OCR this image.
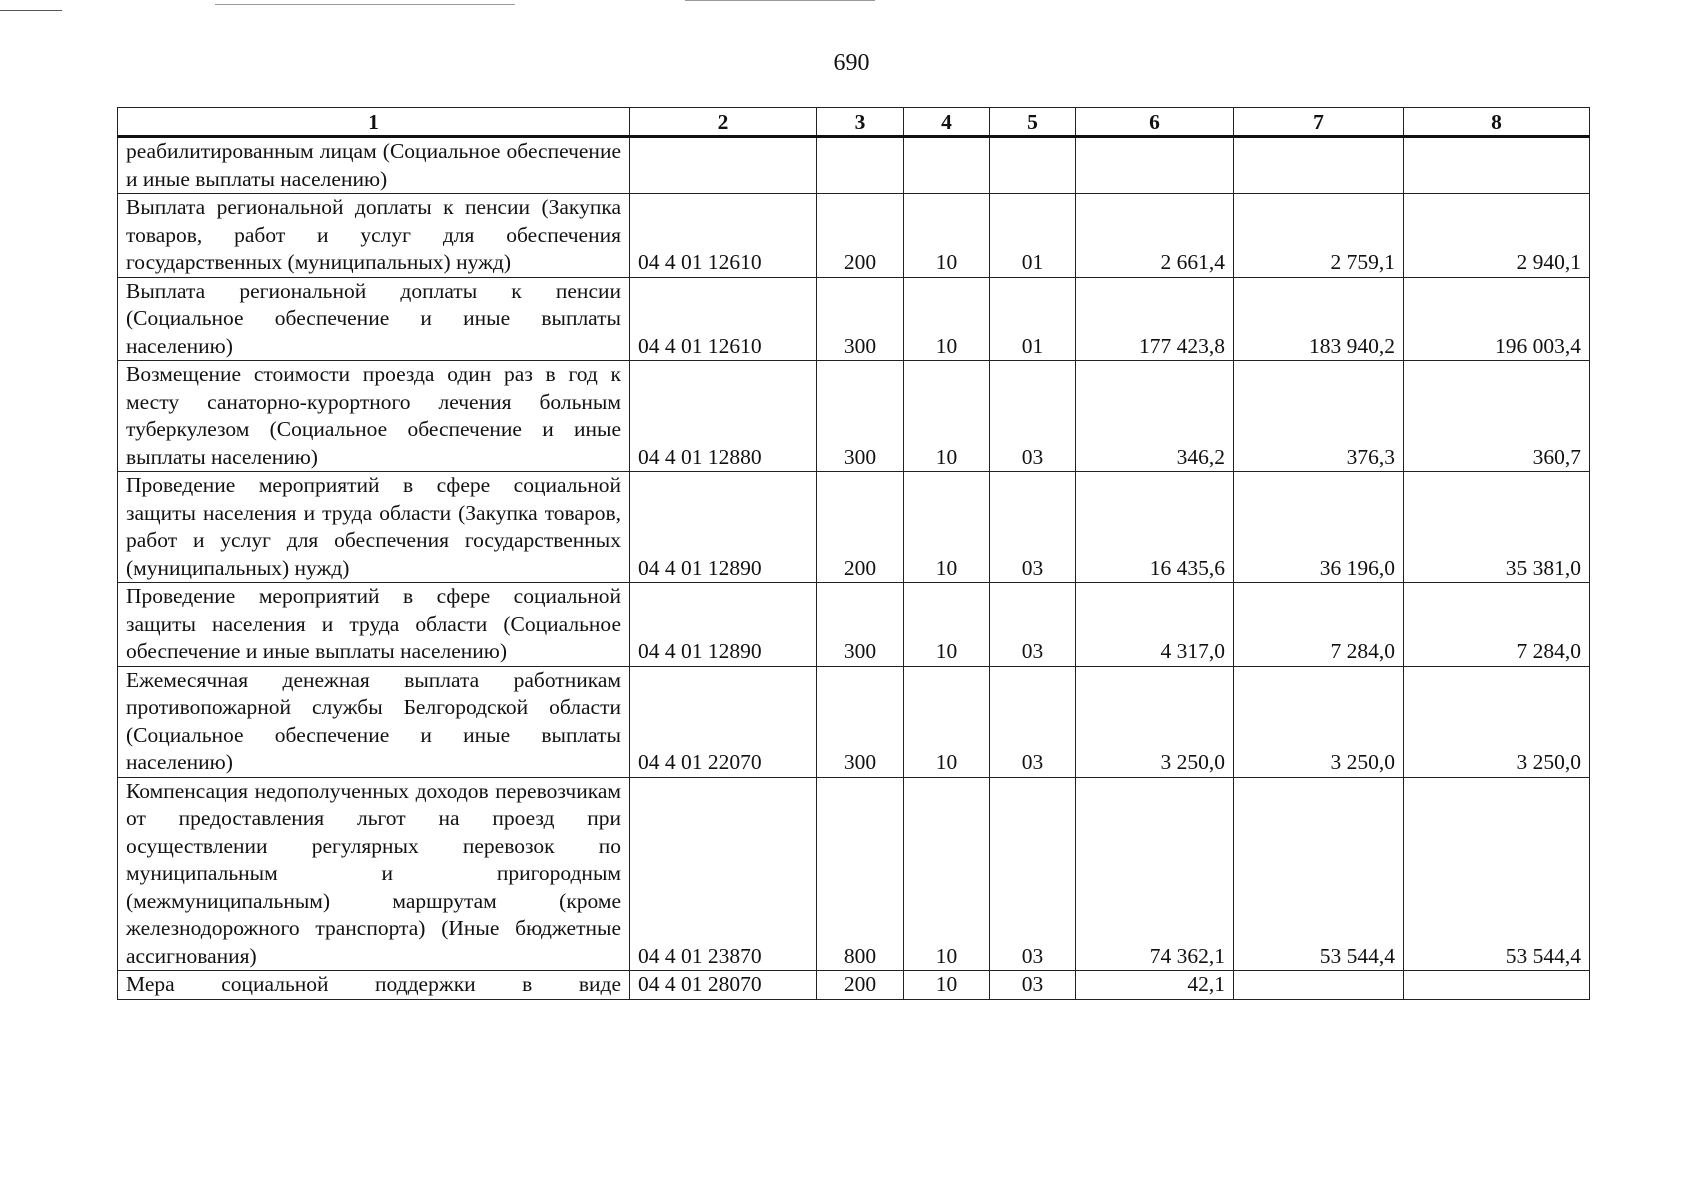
690
1	2	3	4	5	6	7	8
реабилитированным лицам (Социальное обеспечение и иные выплаты населению)							
Выплата региональной доплаты к пенсии (Закупка товаров, работ и услуг для обеспечения государственных (муниципальных) нужд)	04 4 01 12610	200	10	01	2 661,4	2 759,1	2 940,1
Выплата региональной доплаты к пенсии (Социальное обеспечение и иные выплаты населению)	04 4 01 12610	300	10	01	177 423,8	183 940,2	196 003,4
Возмещение стоимости проезда один раз в год к месту санаторно-курортного лечения больным туберкулезом (Социальное обеспечение и иные выплаты населению)	04 4 01 12880	300	10	03	346,2	376,3	360,7
Проведение мероприятий в сфере социальной защиты населения и труда области (Закупка товаров, работ и услуг для обеспечения государственных (муниципальных) нужд)	04 4 01 12890	200	10	03	16 435,6	36 196,0	35 381,0
Проведение мероприятий в сфере социальной защиты населения и труда области (Социальное обеспечение и иные выплаты населению)	04 4 01 12890	300	10	03	4 317,0	7 284,0	7 284,0
Ежемесячная денежная выплата работникам противопожарной службы Белгородской области (Социальное обеспечение и иные выплаты населению)	04 4 01 22070	300	10	03	3 250,0	3 250,0	3 250,0
Компенсация недополученных доходов перевозчикам от предоставления льгот на проезд при осуществлении регулярных перевозок по муниципальным и пригородным (межмуниципальным) маршрутам (кроме железнодорожного транспорта) (Иные бюджетные ассигнования)	04 4 01 23870	800	10	03	74 362,1	53 544,4	53 544,4
Мера социальной поддержки в виде	04 4 01 28070	200	10	03	42,1		
